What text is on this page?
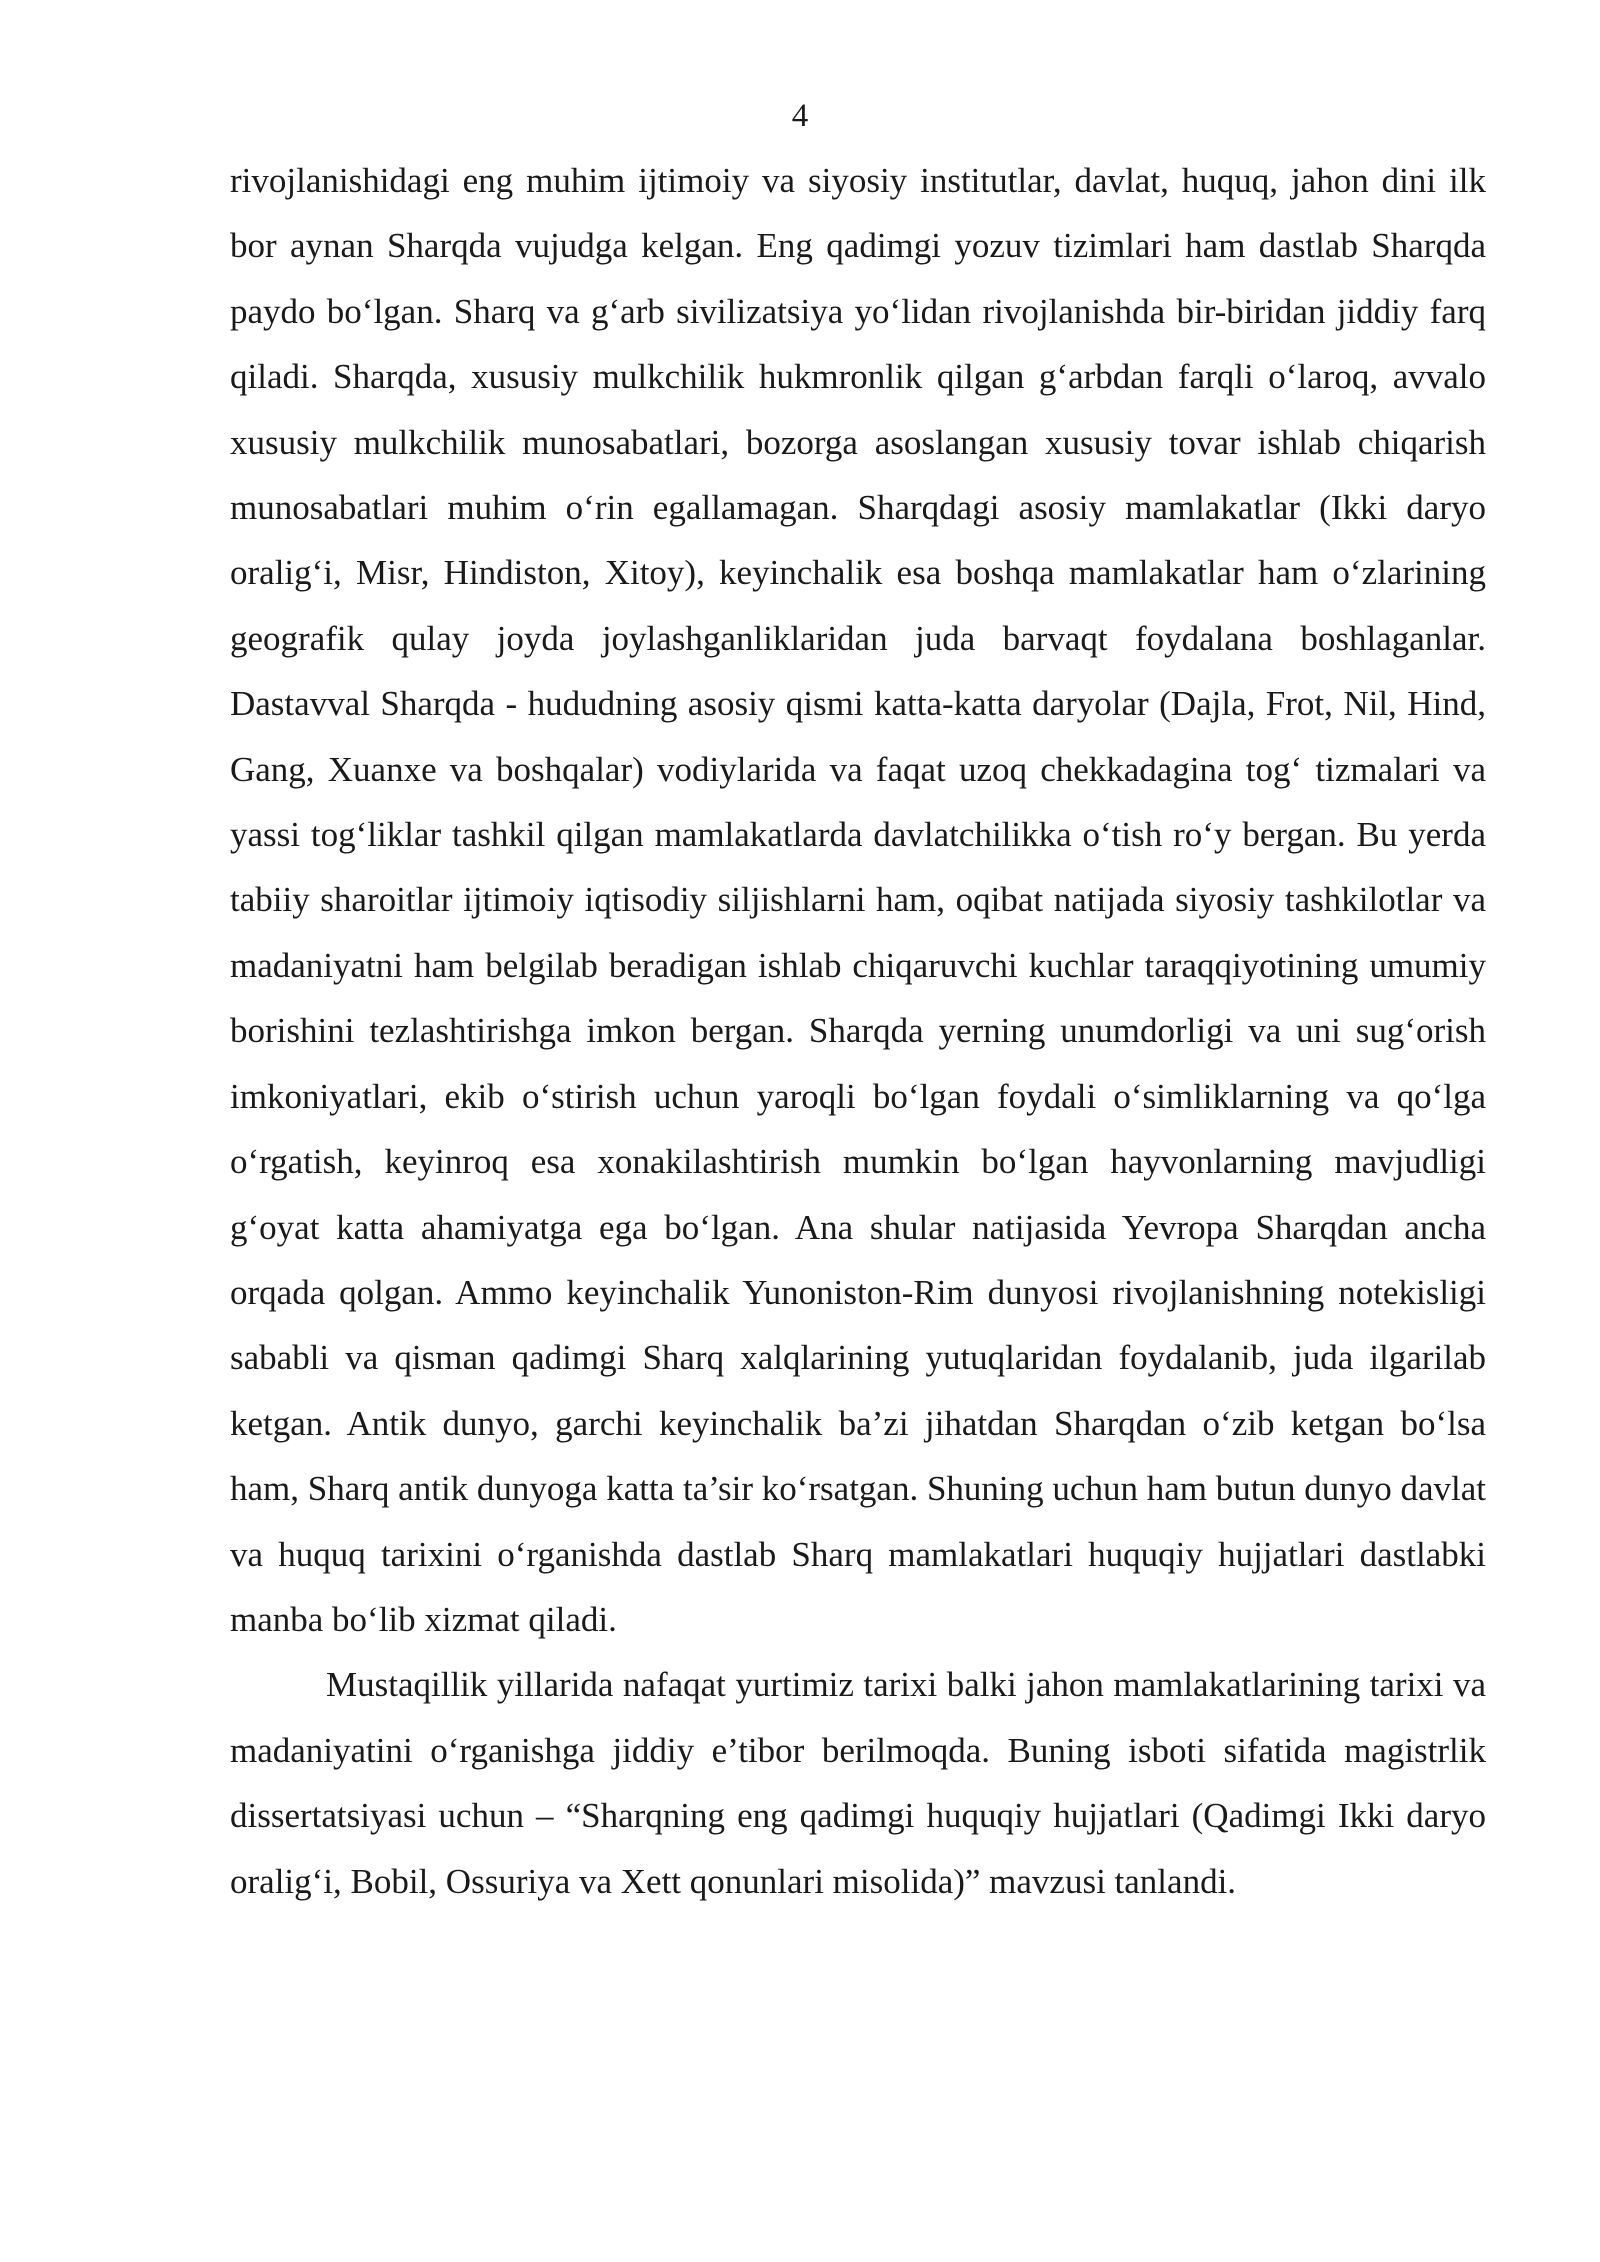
4

rivojlanishidagi eng muhim ijtimoiy va siyosiy institutlar, davlat, huquq, jahon dini ilk bor aynan Sharqda vujudga kelgan. Eng qadimgi yozuv tizimlari ham dastlab Sharqda paydo bo‘lgan. Sharq va g‘arb sivilizatsiya yo‘lidan rivojlanishda bir-biridan jiddiy farq qiladi. Sharqda, xususiy mulkchilik hukmronlik qilgan g‘arbdan farqli o‘laroq, avvalo xususiy mulkchilik munosabatlari, bozorga asoslangan xususiy tovar ishlab chiqarish munosabatlari muhim o‘rin egallamagan. Sharqdagi asosiy mamlakatlar (Ikki daryo oralig‘i, Misr, Hindiston, Xitoy), keyinchalik esa boshqa mamlakatlar ham o‘zlarining geografik qulay joyda joylashganliklaridan juda barvaqt foydalana boshlaganlar. Dastavval Sharqda - hududning asosiy qismi katta-katta daryolar (Dajla, Frot, Nil, Hind, Gang, Xuanxe va boshqalar) vodiylarida va faqat uzoq chekkadagina tog‘ tizmalari va yassi tog‘liklar tashkil qilgan mamlakatlarda davlatchilikka o‘tish ro‘y bergan. Bu yerda tabiiy sharoitlar ijtimoiy iqtisodiy siljishlarni ham, oqibat natijada siyosiy tashkilotlar va madaniyatni ham belgilab beradigan ishlab chiqaruvchi kuchlar taraqqiyotining umumiy borishini tezlashtirishga imkon bergan. Sharqda yerning unumdorligi va uni sug‘orish imkoniyatlari, ekib o‘stirish uchun yaroqli bo‘lgan foydali o‘simliklarning va qo‘lga o‘rgatish, keyinroq esa xonakilashtirish mumkin bo‘lgan hayvonlarning mavjudligi g‘oyat katta ahamiyatga ega bo‘lgan. Ana shular natijasida Yevropa Sharqdan ancha orqada qolgan. Ammo keyinchalik Yunoniston-Rim dunyosi rivojlanishning notekisligi sababli va qisman qadimgi Sharq xalqlarining yutuqlaridan foydalanib, juda ilgarilab ketgan. Antik dunyo, garchi keyinchalik ba’zi jihatdan Sharqdan o‘zib ketgan bo‘lsa ham, Sharq antik dunyoga katta ta’sir ko‘rsatgan. Shuning uchun ham butun dunyo davlat va huquq tarixini o‘rganishda dastlab Sharq mamlakatlari huquqiy hujjatlari dastlabki manba bo‘lib xizmat qiladi.

Mustaqillik yillarida nafaqat yurtimiz tarixi balki jahon mamlakatlarining tarixi va madaniyatini o‘rganishga jiddiy e’tibor berilmoqda. Buning isboti sifatida magistrlik dissertatsiyasi uchun – “Sharqning eng qadimgi huquqiy hujjatlari (Qadimgi Ikki daryo oralig‘i, Bobil, Ossuriya va Xett qonunlari misolida)” mavzusi tanlandi.
